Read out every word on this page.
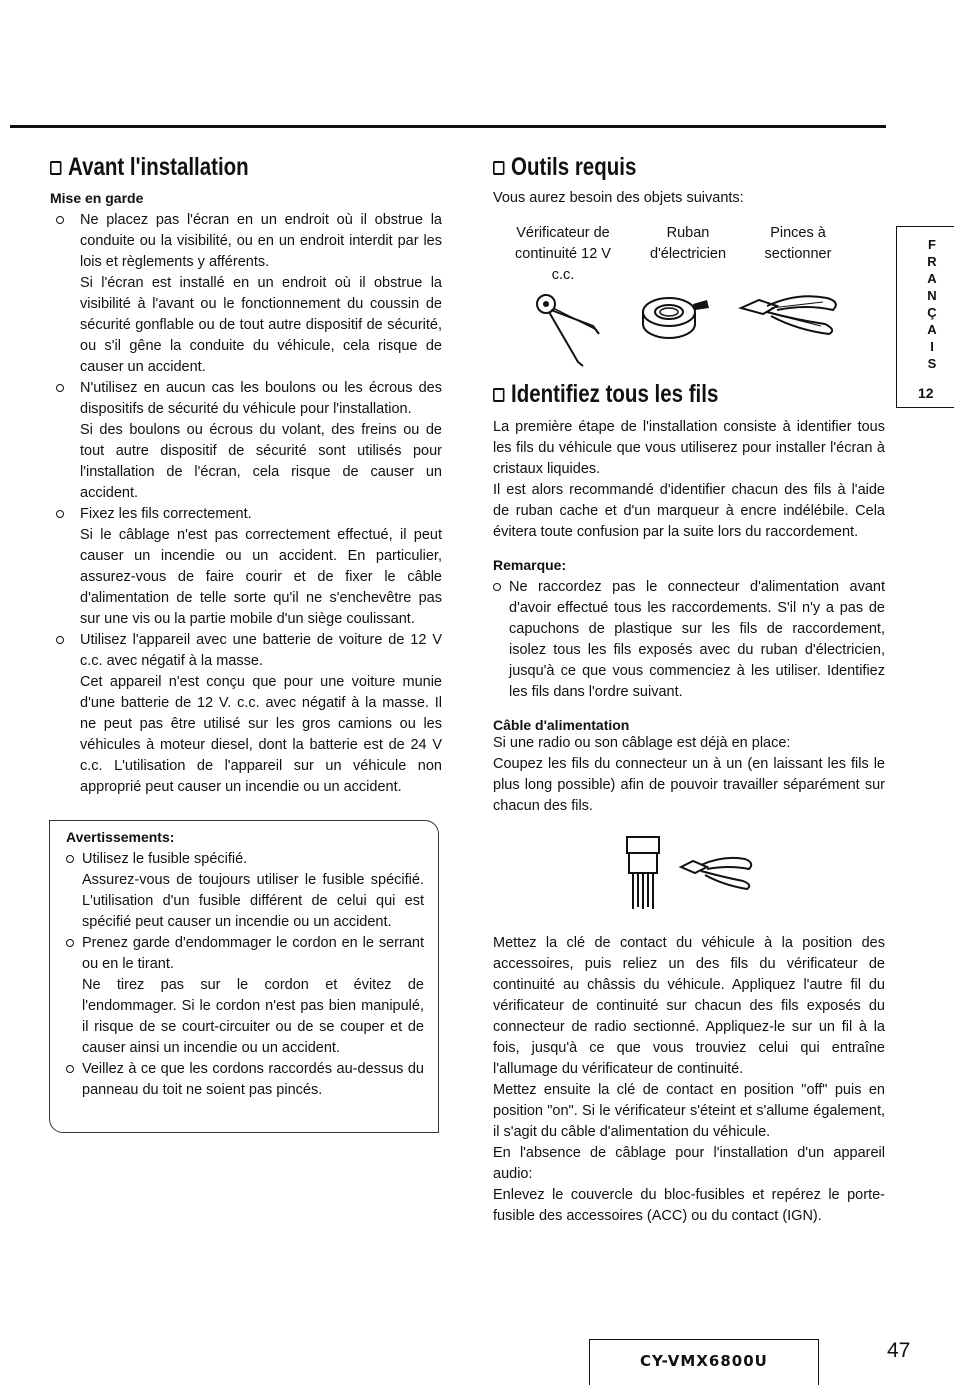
Avant l'installation
Mise en garde

Ne placez pas l'écran en un endroit où il obstrue la conduite ou la visibilité, ou en un endroit interdit par les lois et règlements y afférents.

Si l'écran est installé en un endroit où il obstrue la visibilité à l'avant ou le fonctionnement du coussin de sécurité gonflable ou de tout autre dispositif de sécurité, ou s'il gêne la conduite du véhicule, cela risque de causer un accident.

N'utilisez en aucun cas les boulons ou les écrous des dispositifs de sécurité du véhicule pour l'installation.

Si des boulons ou écrous du volant, des freins ou de tout autre dispositif de sécurité sont utilisés pour l'installation de l'écran, cela risque de causer un accident.

Fixez les fils correctement.

Si le câblage n'est pas correctement effectué, il peut causer un incendie ou un accident. En particulier, assurez-vous de faire courir et de fixer le câble d'alimentation de telle sorte qu'il ne s'enchevêtre pas sur une vis ou la partie mobile d'un siège coulissant.

Utilisez l'appareil avec une batterie de voiture de 12 V c.c. avec négatif à la masse.

Cet appareil n'est conçu que pour une voiture munie d'une batterie de 12 V. c.c. avec négatif à la masse. Il ne peut pas être utilisé sur les gros camions ou les véhicules à moteur diesel, dont la batterie est de 24 V c.c. L'utilisation de l'appareil sur un véhicule non approprié peut causer un incendie ou un accident.

Avertissements:

Utilisez le fusible spécifié.

Assurez-vous de toujours utiliser le fusible spécifié. L'utilisation d'un fusible différent de celui qui est spécifié peut causer un incendie ou un accident.

Prenez garde d'endommager le cordon en le serrant ou en le tirant.

Ne tirez pas sur le cordon et évitez de l'endommager. Si le cordon n'est pas bien manipulé, il risque de se court-circuiter ou de se couper et de causer ainsi un incendie ou un accident.

Veillez à ce que les cordons raccordés au-dessus du panneau du toit ne soient pas pincés.

Outils requis

Vous aurez besoin des objets suivants:

Vérificateur de continuité 12 V c.c.
Ruban d'électricien
Pinces à sectionner
Identifiez tous les fils

La première étape de l'installation consiste à identifier tous les fils du véhicule que vous utiliserez pour installer l'écran à cristaux liquides.

Il est alors recommandé d'identifier chacun des fils à l'aide de ruban cache et d'un marqueur à encre indélébile. Cela évitera toute confusion par la suite lors du raccordement.

Remarque:

Ne raccordez pas le connecteur d'alimentation avant d'avoir effectué tous les raccordements. S'il n'y a pas de capuchons de plastique sur les fils de raccordement, isolez tous les fils exposés avec du ruban d'électricien, jusqu'à ce que vous commenciez à les utiliser. Identifiez les fils dans l'ordre suivant.

Câble d'alimentation

Si une radio ou son câblage est déjà en place:

Coupez les fils du connecteur un à un (en laissant les fils le plus long possible) afin de pouvoir travailler séparément sur chacun des fils.

Mettez la clé de contact du véhicule à la position des accessoires, puis reliez un des fils du vérificateur de continuité au châssis du véhicule. Appliquez l'autre fil du vérificateur de continuité sur chacun des fils exposés du connecteur de radio sectionné. Appliquez-le sur un fil à la fois, jusqu'à ce que vous trouviez celui qui entraîne l'allumage du vérificateur de continuité.

Mettez ensuite la clé de contact en position "off" puis en position "on". Si le vérificateur s'éteint et s'allume également, il s'agit du câble d'alimentation du véhicule.

En l'absence de câblage pour l'installation d'un appareil audio:

Enlevez le couvercle du bloc-fusibles et repérez le porte-fusible des accessoires (ACC) ou du contact (IGN).

F
R
A
N
Ç
A
I
S
12
CY-VMX6800U	47
